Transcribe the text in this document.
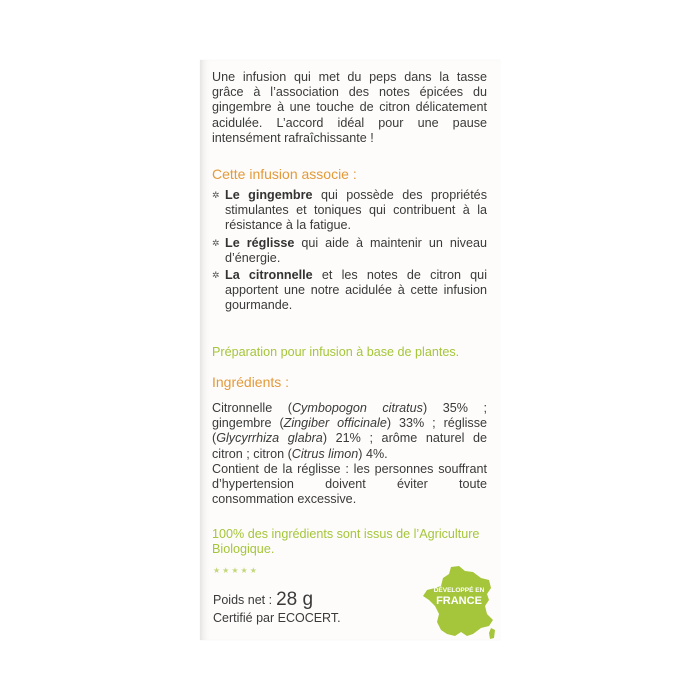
Une infusion qui met du peps dans la tasse grâce à l’association des notes épicées du gingembre à une touche de citron délicatement acidulée. L’accord idéal pour une pause intensément rafraîchissante !
Cette infusion associe :
✲ Le gingembre qui possède des propriétés stimulantes et toniques qui contribuent à la résistance à la fatigue.
✲ Le réglisse qui aide à maintenir un niveau d’énergie.
✲ La citronnelle et les notes de citron qui apportent une notre acidulée à cette infusion gourmande.
Préparation pour infusion à base de plantes.
Ingrédients :
Citronnelle (Cymbopogon citratus) 35% ; gingembre (Zingiber officinale) 33% ; réglisse (Glycyrrhiza glabra) 21% ; arôme naturel de citron ; citron (Citrus limon) 4%.
Contient de la réglisse : les personnes souffrant d’hypertension doivent éviter toute consommation excessive.
100% des ingrédients sont issus de l’Agriculture Biologique.
★★★★★
Poids net : 28 g
Certifié par ECOCERT.
DÉVELOPPÉ EN
FRANCE
